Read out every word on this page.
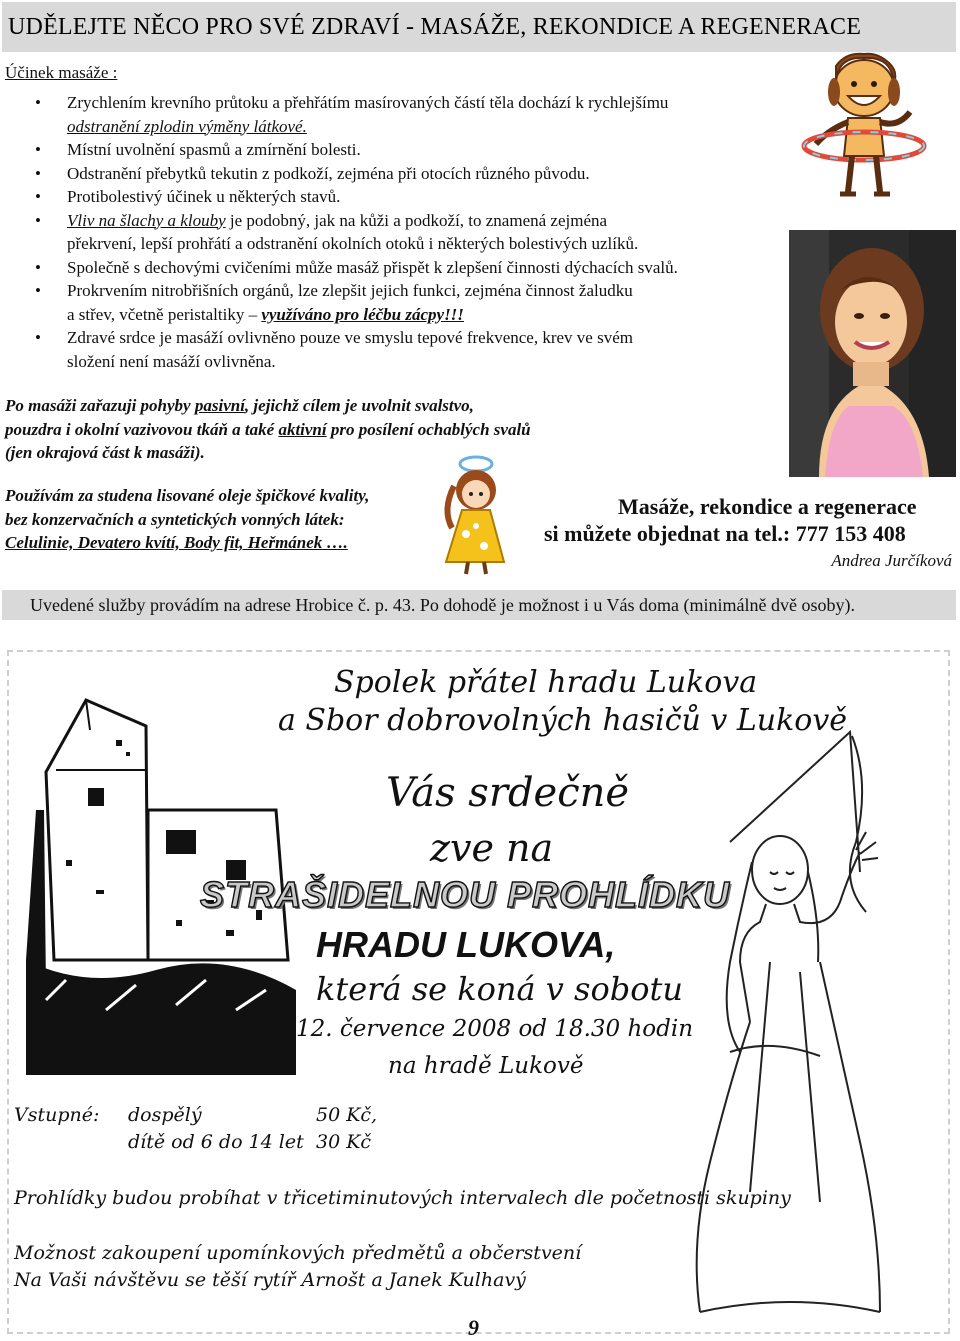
UDĚLEJTE NĚCO PRO SVÉ ZDRAVÍ - MASÁŽE, REKONDICE A REGENERACE
Účinek masáže :
• Zrychlením krevního průtoku a přehřátím masírovaných částí těla dochází k rychlejšímu
odstranění zplodin výměny látkové.
• Místní uvolnění spasmů a zmírnění bolesti.
• Odstranění přebytků tekutin z podkoží, zejména při otocích různého původu.
• Protibolestivý účinek u některých stavů.
• Vliv na šlachy a klouby je podobný, jak na kůži a podkoží, to znamená zejména
překrvení, lepší prohřátí a odstranění okolních otoků i některých bolestivých uzlíků.
• Společně s dechovými cvičeními může masáž přispět k zlepšení činnosti dýchacích svalů.
• Prokrvením nitrobřišních orgánů, lze zlepšit jejich funkci, zejména činnost žaludku
a střev, včetně peristaltiky – využíváno pro léčbu zácpy!!!
• Zdravé srdce je masáží ovlivněno pouze ve smyslu tepové frekvence, krev ve svém
složení není masáží ovlivněna.
Po masáži zařazuji pohyby pasivní, jejichž cílem je uvolnit svalstvo,
pouzdra i okolní vazivovou tkáň a také aktivní pro posílení ochablých svalů
(jen okrajová část k masáži).
Používám za studena lisované oleje špičkové kvality,
bez konzervačních a syntetických vonných látek:
Celulinie, Devatero kvítí, Body fit, Heřmánek ….
Masáže, rekondice a regenerace
si můžete objednat na tel.: 777 153 408
Andrea Jurčíková
Uvedené služby provádím na adrese Hrobice č. p. 43. Po dohodě je možnost i u Vás doma (minimálně dvě osoby).
Spolek přátel hradu Lukova
a Sbor dobrovolných hasičů v Lukově
Vás srdečně
zve na
STRAŠIDELNOU PROHLÍDKU
HRADU LUKOVA,
která se koná v sobotu
12. července 2008 od 18.30 hodin
na hradě Lukově
Vstupné: dospělý	50 Kč,
dítě od 6 do 14 let 30 Kč
Prohlídky budou probíhat v třicetiminutových intervalech dle početnosti skupiny
Možnost zakoupení upomínkových předmětů a občerstvení
Na Vaši návštěvu se těší rytíř Arnošt a Janek Kulhavý
9
